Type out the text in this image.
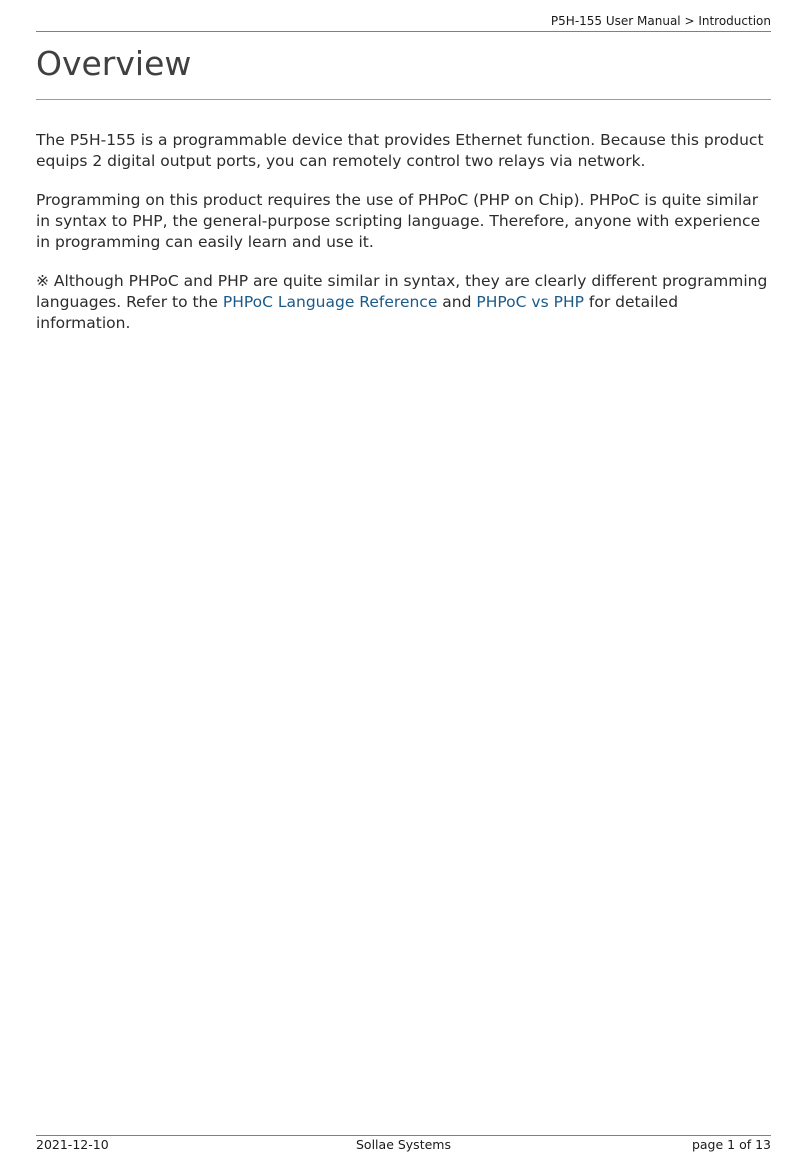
P5H-155 User Manual > Introduction
Overview

The P5H-155 is a programmable device that provides Ethernet function. Because this product equips 2 digital output ports, you can remotely control two relays via network.

Programming on this product requires the use of PHPoC (PHP on Chip). PHPoC is quite similar in syntax to PHP, the general-purpose scripting language. Therefore, anyone with experience in programming can easily learn and use it.

※ Although PHPoC and PHP are quite similar in syntax, they are clearly different programming languages. Refer to the PHPoC Language Reference and PHPoC vs PHP for detailed information.

2021-12-10	Sollae Systems	page 1 of 13
